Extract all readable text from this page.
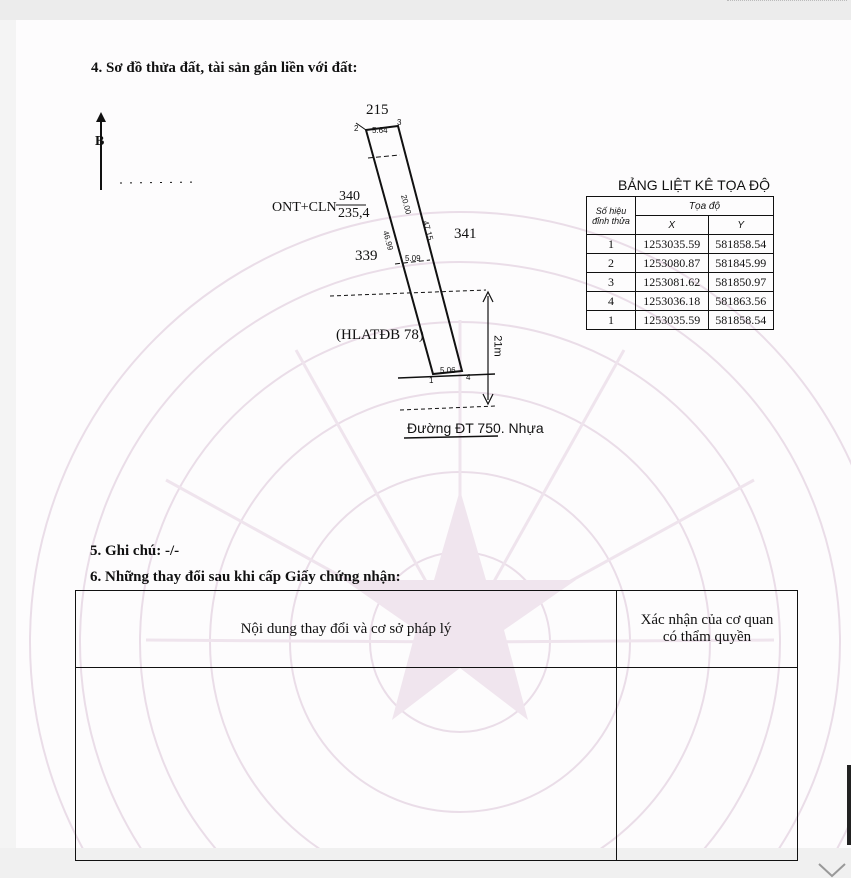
4. Sơ đồ thửa đất, tài sản gắn liền với đất:
B
215
341
339
ONT+CLN
340
235,4
(HLATĐB 78)
5.64
5.09
5.06
20.00
47.15
46.99
21m
1
2
3
4
Đường ĐT 750. Nhựa
BẢNG LIỆT KÊ TỌA ĐỘ
Số hiệu đỉnh thửa	Tọa độ	
	X	Y
1	1253035.59	581858.54
2	1253080.87	581845.99
3	1253081.62	581850.97
4	1253036.18	581863.56
1	1253035.59	581858.54
5. Ghi chú: -/-
6. Những thay đổi sau khi cấp Giấy chứng nhận:
Nội dung thay đổi và cơ sở pháp lý	Xác nhận của cơ quan
có thẩm quyền
